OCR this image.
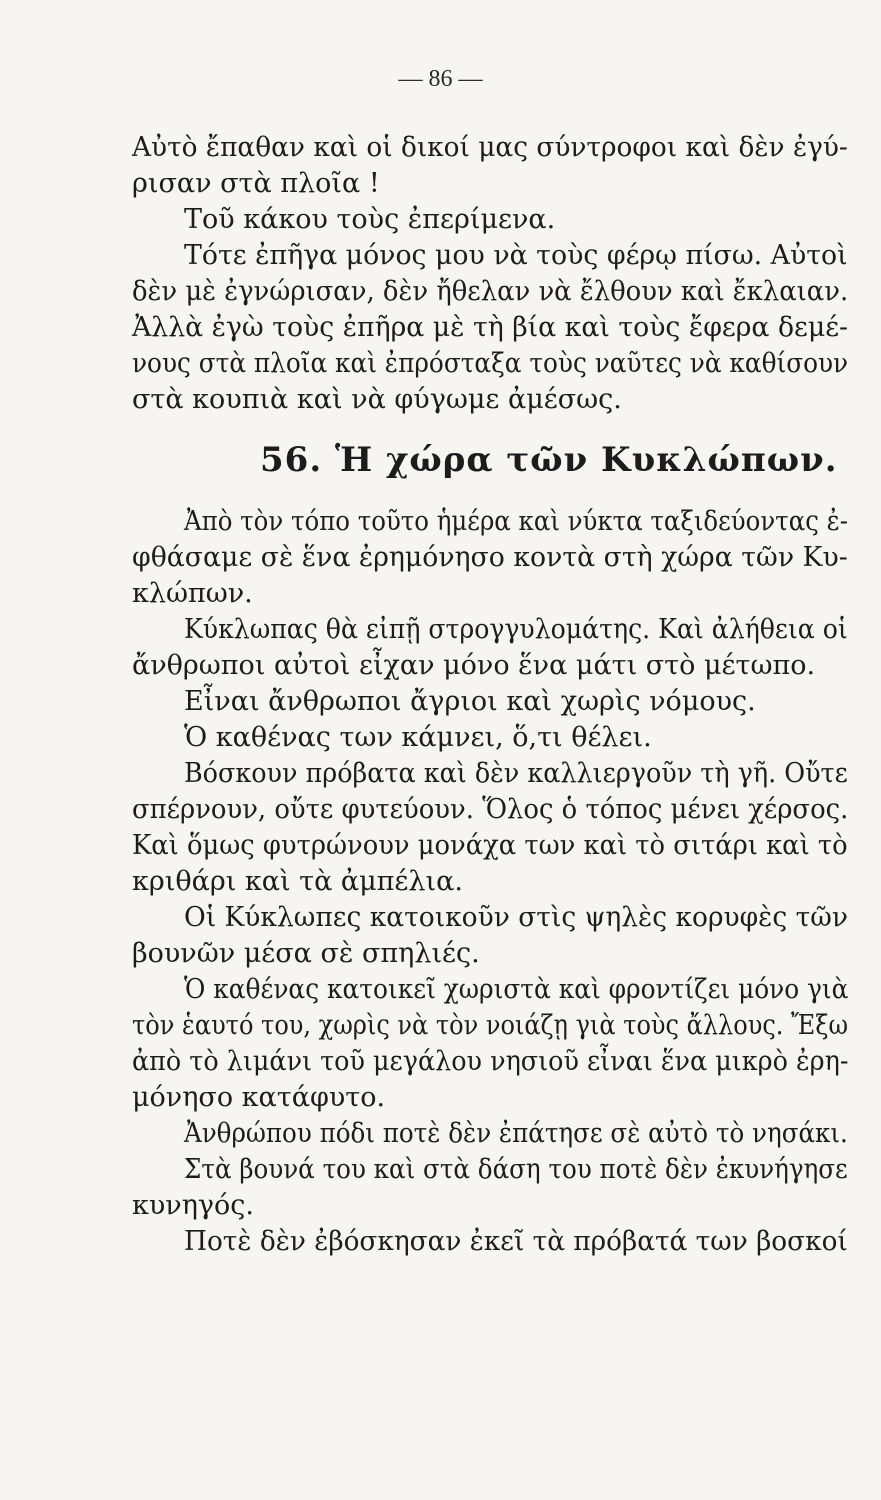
— 86 —
Αὐτὸ ἔπαθαν καὶ οἱ δικοί μας σύντροφοι καὶ δὲν ἐγύ-
ρισαν στὰ πλοῖα !
Τοῦ κάκου τοὺς ἐπερίμενα.
Τότε ἐπῆγα μόνος μου νὰ τοὺς φέρῳ πίσω. Αὐτοὶ
δὲν μὲ ἐγνώρισαν, δὲν ἤθελαν νὰ ἔλθουν καὶ ἔκλαιαν.
Ἀλλὰ ἐγὼ τοὺς ἐπῆρα μὲ τὴ βία καὶ τοὺς ἔφερα δεμέ-
νους στὰ πλοῖα καὶ ἐπρόσταξα τοὺς ναῦτες νὰ καθίσουν
στὰ κουπιὰ καὶ νὰ φύγωμε ἀμέσως.
56. Ἡ χώρα τῶν Κυκλώπων.
Ἀπὸ τὸν τόπο τοῦτο ἡμέρα καὶ νύκτα ταξιδεύοντας ἐ-
φθάσαμε σὲ ἕνα ἐρημόνησο κοντὰ στὴ χώρα τῶν Κυ-
κλώπων.
Κύκλωπας θὰ εἰπῇ στρογγυλομάτης. Καὶ ἀλήθεια οἱ
ἄνθρωποι αὐτοὶ εἶχαν μόνο ἕνα μάτι στὸ μέτωπο.
Εἶναι ἄνθρωποι ἄγριοι καὶ χωρὶς νόμους.
Ὁ καθένας των κάμνει, ὅ,τι θέλει.
Βόσκουν πρόβατα καὶ δὲν καλλιεργοῦν τὴ γῆ. Οὔτε
σπέρνουν, οὔτε φυτεύουν. Ὅλος ὁ τόπος μένει χέρσος.
Καὶ ὅμως φυτρώνουν μονάχα των καὶ τὸ σιτάρι καὶ τὸ
κριθάρι καὶ τὰ ἀμπέλια.
Οἱ Κύκλωπες κατοικοῦν στὶς ψηλὲς κορυφὲς τῶν
βουνῶν μέσα σὲ σπηλιές.
Ὁ καθένας κατοικεῖ χωριστὰ καὶ φροντίζει μόνο γιὰ
τὸν ἑαυτό του, χωρὶς νὰ τὸν νοιάζῃ γιὰ τοὺς ἄλλους. Ἔξω
ἀπὸ τὸ λιμάνι τοῦ μεγάλου νησιοῦ εἶναι ἕνα μικρὸ ἐρη-
μόνησο κατάφυτο.
Ἀνθρώπου πόδι ποτὲ δὲν ἐπάτησε σὲ αὐτὸ τὸ νησάκι.
Στὰ βουνά του καὶ στὰ δάση του ποτὲ δὲν ἐκυνήγησε
κυνηγός.
Ποτὲ δὲν ἐβόσκησαν ἐκεῖ τὰ πρόβατά των βοσκοί
